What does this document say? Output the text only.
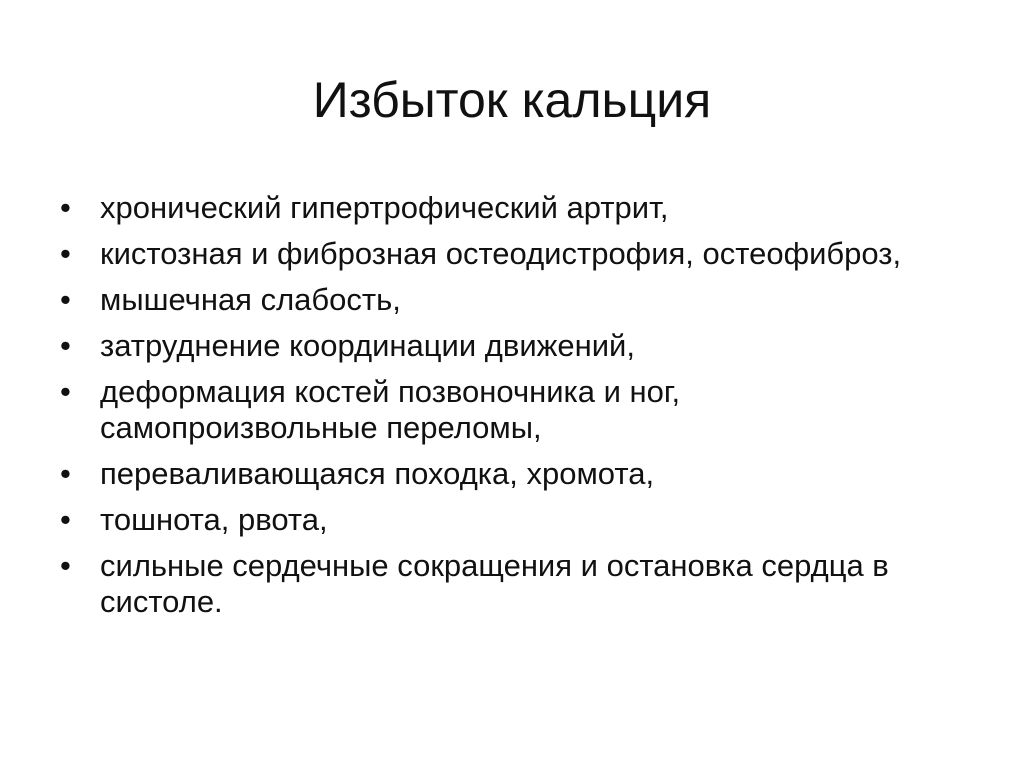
Избыток кальция
• хронический гипертрофический артрит,
• кистозная и фиброзная остеодистрофия, остеофиброз,
• мышечная слабость,
• затруднение координации движений,
• деформация костей позвоночника и ног, самопроизвольные переломы,
• переваливающаяся походка, хромота,
• тошнота, рвота,
• сильные сердечные сокращения и остановка сердца в систоле.
